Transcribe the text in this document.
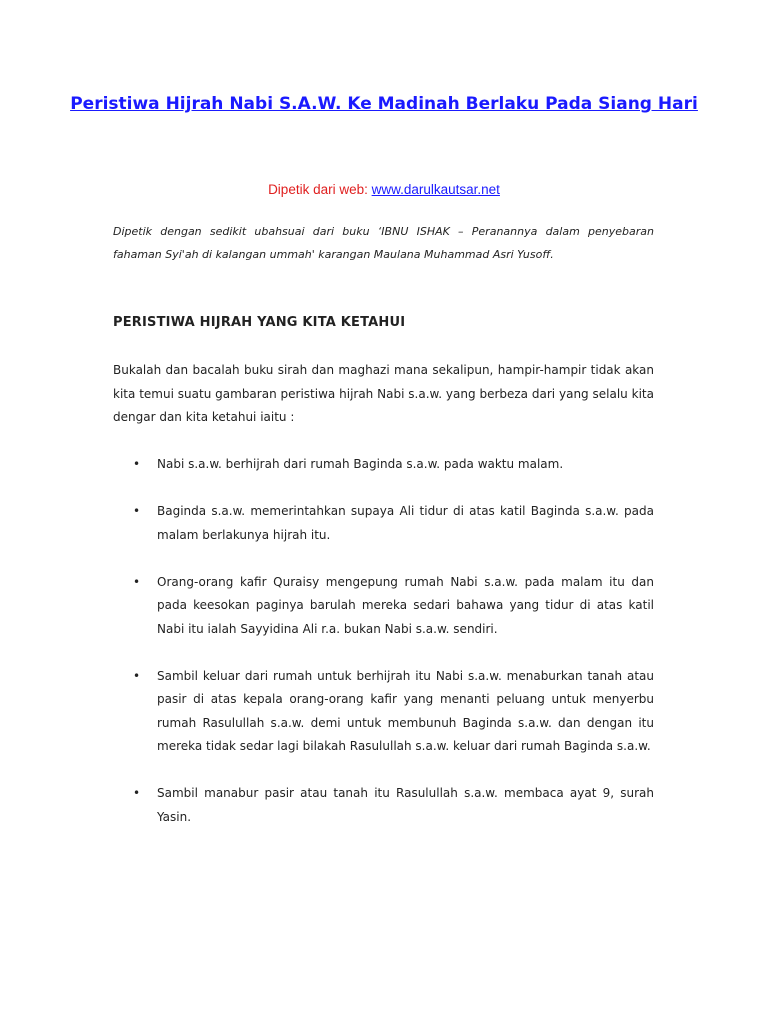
Peristiwa Hijrah Nabi S.A.W. Ke Madinah Berlaku Pada Siang Hari
Dipetik dari web: www.darulkautsar.net

Dipetik dengan sedikit ubahsuai dari buku ‘IBNU ISHAK – Peranannya dalam penyebaran fahaman Syi'ah di kalangan ummah' karangan Maulana Muhammad Asri Yusoff.

PERISTIWA HIJRAH YANG KITA KETAHUI

Bukalah dan bacalah buku sirah dan maghazi mana sekalipun, hampir-hampir tidak akan kita temui suatu gambaran peristiwa hijrah Nabi s.a.w. yang berbeza dari yang selalu kita dengar dan kita ketahui iaitu :

• Nabi s.a.w. berhijrah dari rumah Baginda s.a.w. pada waktu malam.
• Baginda s.a.w. memerintahkan supaya Ali tidur di atas katil Baginda s.a.w. pada malam berlakunya hijrah itu.
• Orang-orang kafir Quraisy mengepung rumah Nabi s.a.w. pada malam itu dan pada keesokan paginya barulah mereka sedari bahawa yang tidur di atas katil Nabi itu ialah Sayyidina Ali r.a. bukan Nabi s.a.w. sendiri.
• Sambil keluar dari rumah untuk berhijrah itu Nabi s.a.w. menaburkan tanah atau pasir di atas kepala orang-orang kafir yang menanti peluang untuk menyerbu rumah Rasulullah s.a.w. demi untuk membunuh Baginda s.a.w. dan dengan itu mereka tidak sedar lagi bilakah Rasulullah s.a.w. keluar dari rumah Baginda s.a.w.
• Sambil manabur pasir atau tanah itu Rasulullah s.a.w. membaca ayat 9, surah Yasin.
